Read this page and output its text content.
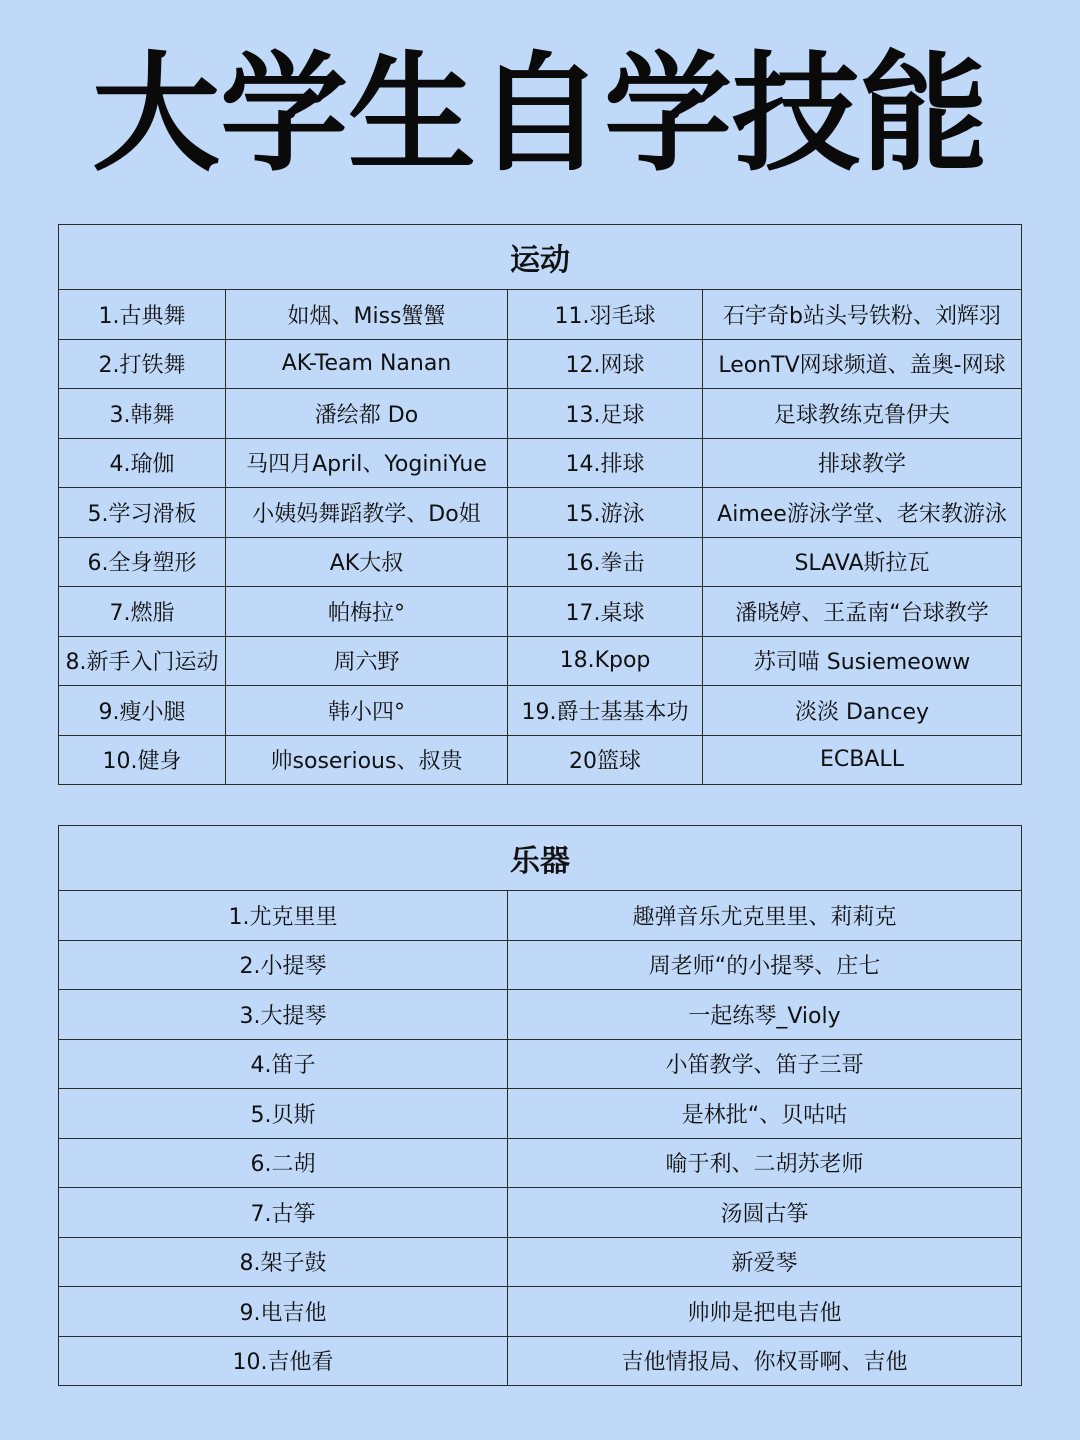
大学生自学技能
运动			
1.古典舞	如烟、Miss蟹蟹	11.羽毛球	石宇奇b站头号铁粉、刘辉羽
2.打铁舞	AK-Team Nanan	12.网球	LeonTV网球频道、盖奥-网球
3.韩舞	潘绘都 Do	13.足球	足球教练克鲁伊夫
4.瑜伽	马四月April、YoginiYue	14.排球	排球教学
5.学习滑板	小姨妈舞蹈教学、Do姐	15.游泳	Aimee游泳学堂、老宋教游泳
6.全身塑形	AK大叔	16.拳击	SLAVA斯拉瓦
7.燃脂	帕梅拉°	17.桌球	潘晓婷、王孟南“台球教学
8.新手入门运动	周六野	18.Kpop	苏司喵 Susiemeoww
9.瘦小腿	韩小四°	19.爵士基基本功	淡淡 Dancey
10.健身	帅soserious、叔贵	20篮球	ECBALL
乐器	
1.尤克里里	趣弹音乐尤克里里、莉莉克
2.小提琴	周老师“的小提琴、庄七
3.大提琴	一起练琴_Violy
4.笛子	小笛教学、笛子三哥
5.贝斯	是林批“、贝咕咕
6.二胡	喻于利、二胡苏老师
7.古筝	汤圆古筝
8.架子鼓	新爱琴
9.电吉他	帅帅是把电吉他
10.吉他看	吉他情报局、你权哥啊、吉他
